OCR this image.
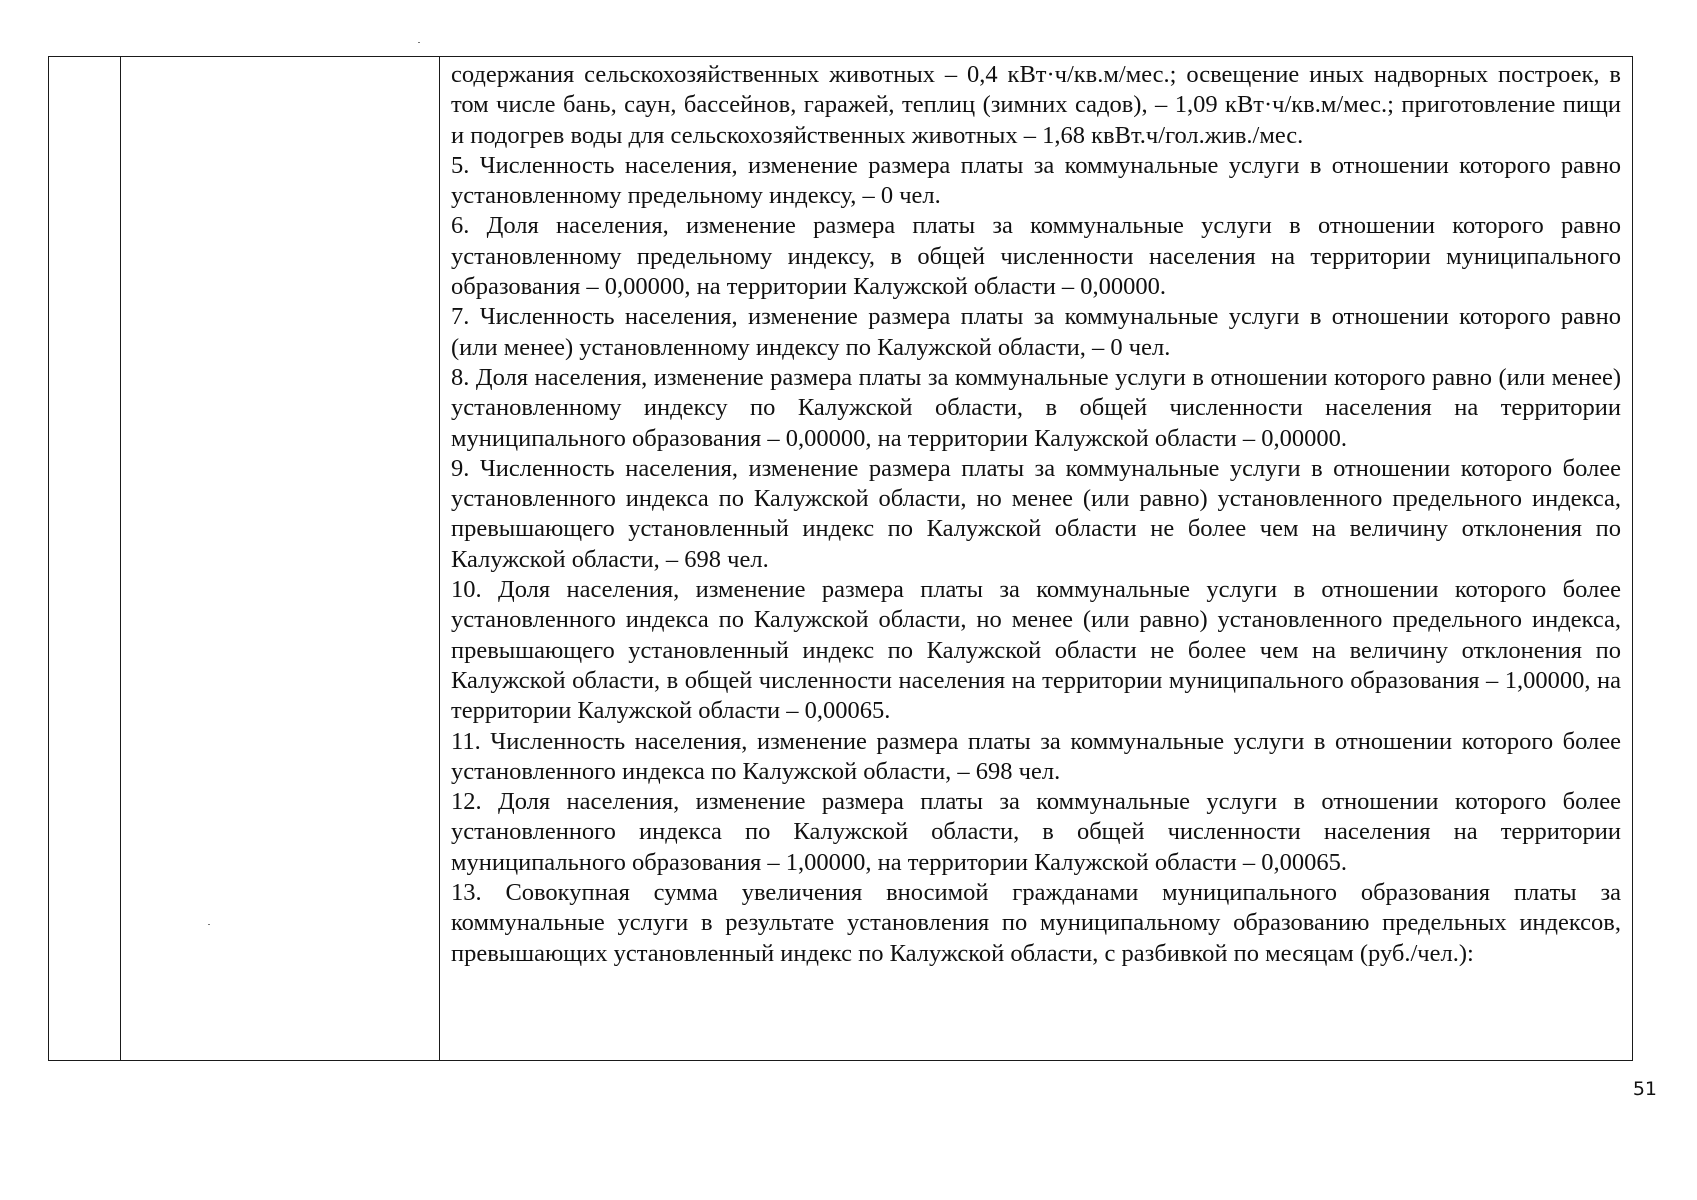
содержания сельскохозяйственных животных – 0,4 кВт·ч/кв.м/мес.; освещение иных надворных построек, в том числе бань, саун, бассейнов, гаражей, теплиц (зимних садов), – 1,09 кВт·ч/кв.м/мес.; приготовление пищи и подогрев воды для сельскохозяйственных животных – 1,68 квВт.ч/гол.жив./мес.

5. Численность населения, изменение размера платы за коммунальные услуги в отношении которого равно установленному предельному индексу, – 0 чел.

6. Доля населения, изменение размера платы за коммунальные услуги в отношении которого равно установленному предельному индексу, в общей численности населения на территории муниципального образования – 0,00000, на территории Калужской области – 0,00000.

7. Численность населения, изменение размера платы за коммунальные услуги в отношении которого равно (или менее) установленному индексу по Калужской области, – 0 чел.

8. Доля населения, изменение размера платы за коммунальные услуги в отношении которого равно (или менее) установленному индексу по Калужской области, в общей численности населения на территории муниципального образования – 0,00000, на территории Калужской области – 0,00000.

9. Численность населения, изменение размера платы за коммунальные услуги в отношении которого более установленного индекса по Калужской области, но менее (или равно) установленного предельного индекса, превышающего установленный индекс по Калужской области не более чем на величину отклонения по Калужской области, – 698 чел.

10. Доля населения, изменение размера платы за коммунальные услуги в отношении которого более установленного индекса по Калужской области, но менее (или равно) установленного предельного индекса, превышающего установленный индекс по Калужской области не более чем на величину отклонения по Калужской области, в общей численности населения на территории муниципального образования – 1,00000, на территории Калужской области – 0,00065.

11. Численность населения, изменение размера платы за коммунальные услуги в отношении которого более установленного индекса по Калужской области, – 698 чел.

12. Доля населения, изменение размера платы за коммунальные услуги в отношении которого более установленного индекса по Калужской области, в общей численности населения на территории муниципального образования – 1,00000, на территории Калужской области – 0,00065.

13. Совокупная сумма увеличения вносимой гражданами муниципального образования платы за коммунальные услуги в результате установления по муниципальному образованию предельных индексов, превышающих установленный индекс по Калужской области, с разбивкой по месяцам (руб./чел.):

51
